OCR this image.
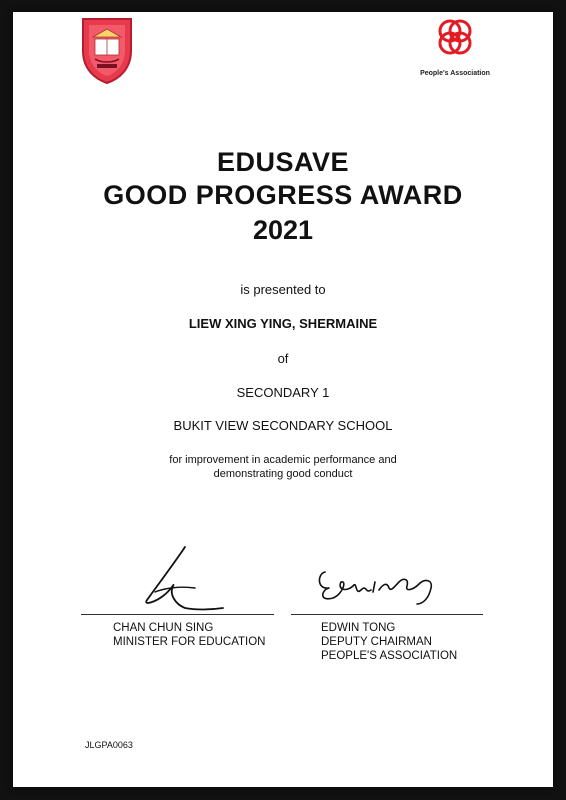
People's Association
EDUSAVE
GOOD PROGRESS AWARD
2021
is presented to
LIEW XING YING, SHERMAINE
of
SECONDARY 1
BUKIT VIEW SECONDARY SCHOOL
for improvement in academic performance and demonstrating good conduct
CHAN CHUN SING
MINISTER FOR EDUCATION
EDWIN TONG
DEPUTY CHAIRMAN
PEOPLE'S ASSOCIATION
JLGPA0063
